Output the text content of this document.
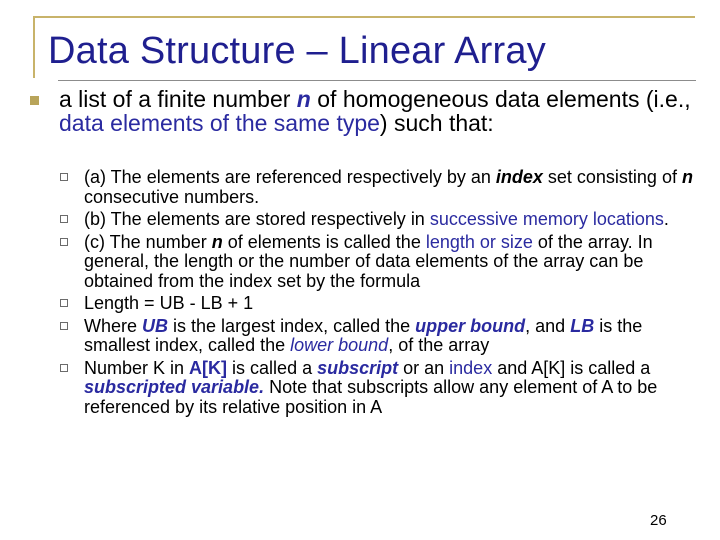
Data Structure – Linear Array
a list of a finite number n of homogeneous data elements (i.e., data elements of the same type) such that:
(a) The elements are referenced respectively by an index set consisting of n consecutive numbers.
(b) The elements are stored respectively in successive memory locations.
(c) The number n of elements is called the length or size of the array. In general, the length or the number of data elements of the array can be obtained from the index set by the formula
Length = UB - LB + 1
Where UB is the largest index, called the upper bound, and LB is the smallest index, called the lower bound, of the array
Number K in A[K] is called a subscript or an index and A[K] is called a subscripted variable. Note that subscripts allow any element of A to be referenced by its relative position in A
26
